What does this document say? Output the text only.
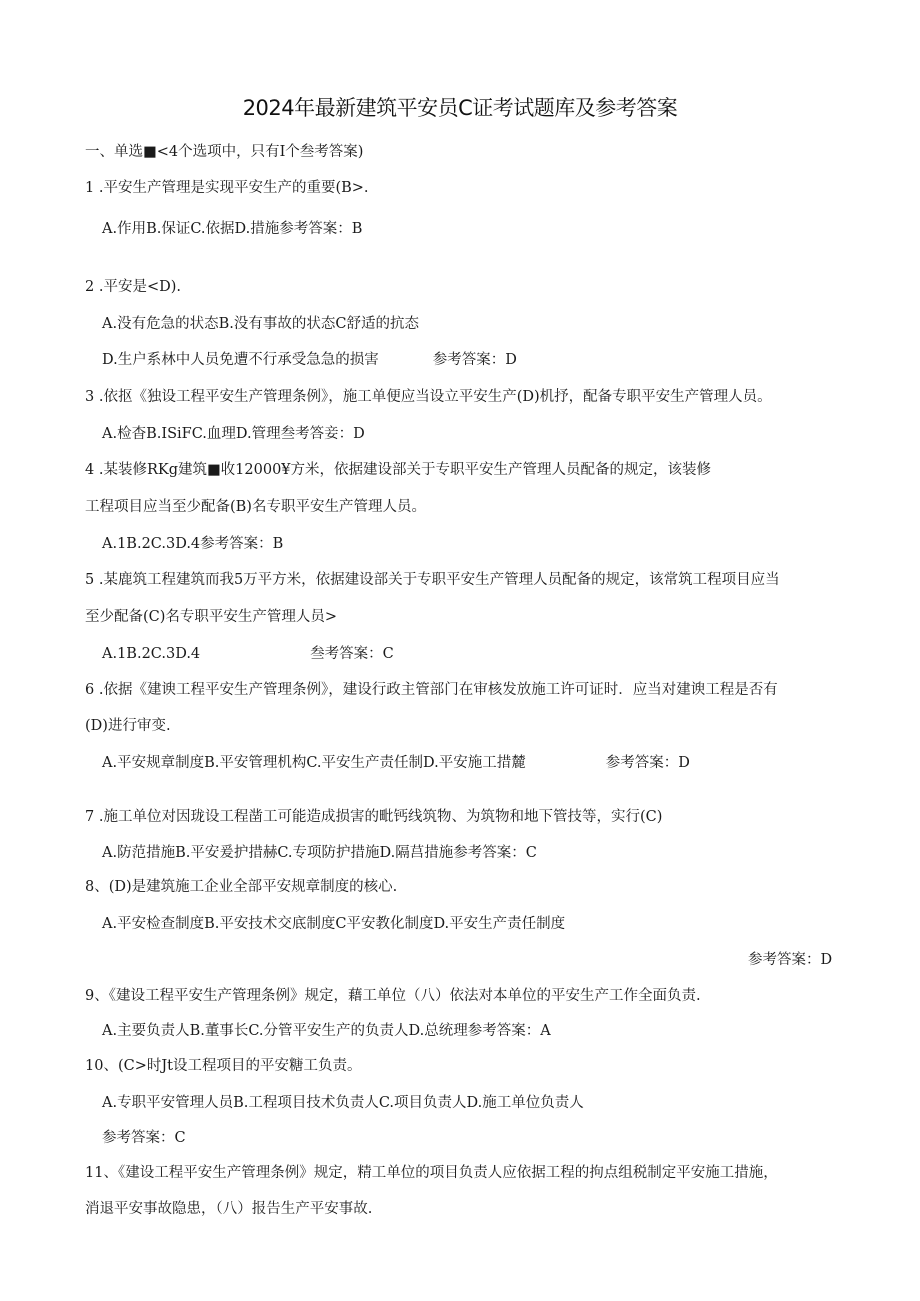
2024年最新建筑平安员C证考试题库及参考答案
一、单选■<4个选项中，只有I个叁考答案)
1 .平安生产管理是实现平安生产的重要(B>.
A.作用B.保证C.依据D.措施参考答案：B
2 .平安是<D).
A.没有危急的状态B.没有事故的状态C舒适的抗态
D.生户系林中人员免遭不行承受急急的损害	参考答案：D
3 .依抠《独设工程平安生产管理条例》，施工单便应当设立平安生产(D)机抒，配备专职平安生产管理人员。
A.检杳B.ISiFC.血理D.管理叁考答妾：D
4 .某装修RKg建筑■收12000¥方米，依据建设部关于专职平安生产管理人员配备的规定，该装修
工程项目应当至少配备(B)名专职平安生产管理人员。
A.1B.2C.3D.4参考答案：B
5 .某鹿筑工程建筑而我5万平方米，依据建设部关于专职平安生产管理人员配备的规定，该常筑工程项目应当
至少配备(C)名专职平安生产管理人员>
A.1B.2C.3D.4	叁考答案：C
6 .依据《建谀工程平安生产管理条例》，建设行政主管部门在审核发放施工许可证时．应当对建谀工程是否有
(D)进行审变.
A.平安规章制度B.平安管理机构C.平安生产责任制D.平安施工措麓	参考答案：D
7 .施工单位对因珑设工程凿工可能造成损害的毗钙线筑物、为筑物和地下管技等，实行(C)
A.防范措施B.平安爰护措赫C.专项防护措施D.隔莒措施参考答案：C
8、(D)是建筑施工企业全部平安规章制度的核心.
A.平安检查制度B.平安技术交底制度C平安教化制度D.平安生产责任制度
参考答案：D
9、《建设工程平安生产管理条例》规定，藉工单位（八）依法对本单位的平安生产工作全面负责.
A.主要负责人B.董事长C.分管平安生产的负责人D.总统理参考答案：A
10、(C>时Jt设工程项目的平安糖工负责。
A.专职平安管理人员B.工程项目技术负责人C.项目负责人D.施工单位负责人
参考答案：C
11、《建设工程平安生产管理条例》规定，精工单位的项目负责人应依据工程的拘点组税制定平安施工措施，
消退平安事故隐患，（八）报告生产平安事故.
